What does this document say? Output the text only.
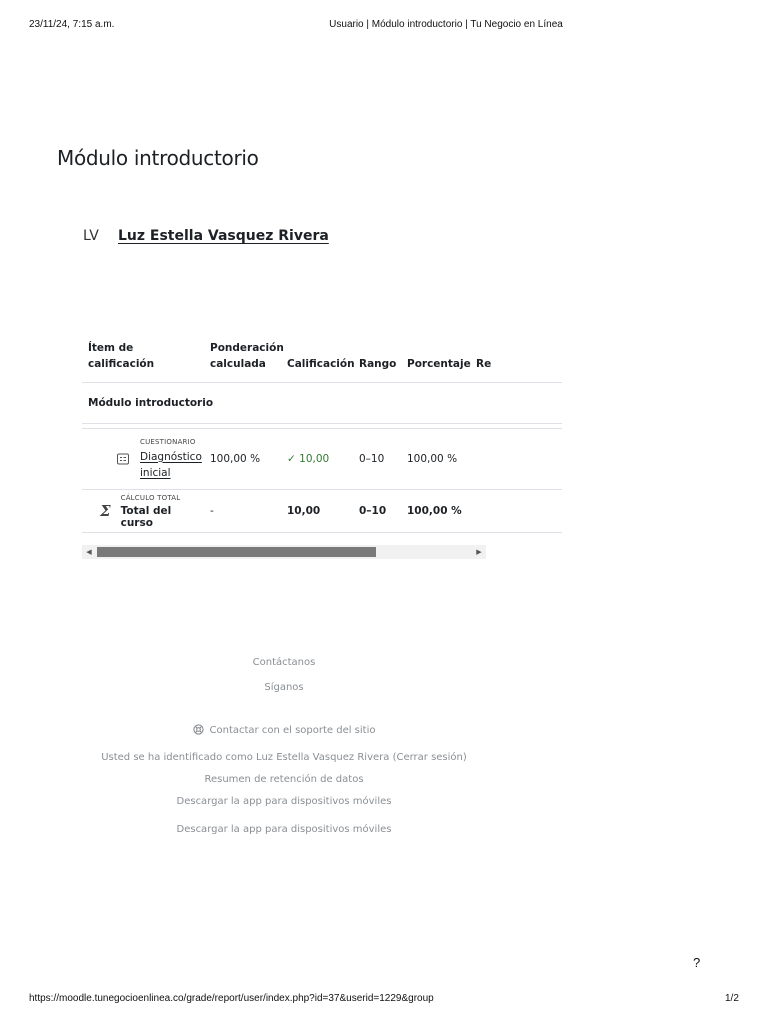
23/11/24, 7:15 a.m.	Usuario | Módulo introductorio | Tu Negocio en Línea
Módulo introductorio
LV	Luz Estella Vasquez Rivera
Ítem de calificación	Ponderación
calculada	Calificación	Rango	Porcentaje	Re
Módulo introductorio					

CUESTIONARIO
Diagnóstico inicial	100,00 %	✓ 10,00	0–10	100,00 %	

Σ
CÁLCULO TOTAL
Total del curso	-	10,00	0–10	100,00 %	
◀	▶
Contáctanos
Síganos
Contactar con el soporte del sitio
Usted se ha identificado como Luz Estella Vasquez Rivera (Cerrar sesión)
Resumen de retención de datos
Descargar la app para dispositivos móviles
Descargar la app para dispositivos móviles
?
https://moodle.tunegocioenlinea.co/grade/report/user/index.php?id=37&userid=1229&group	1/2
